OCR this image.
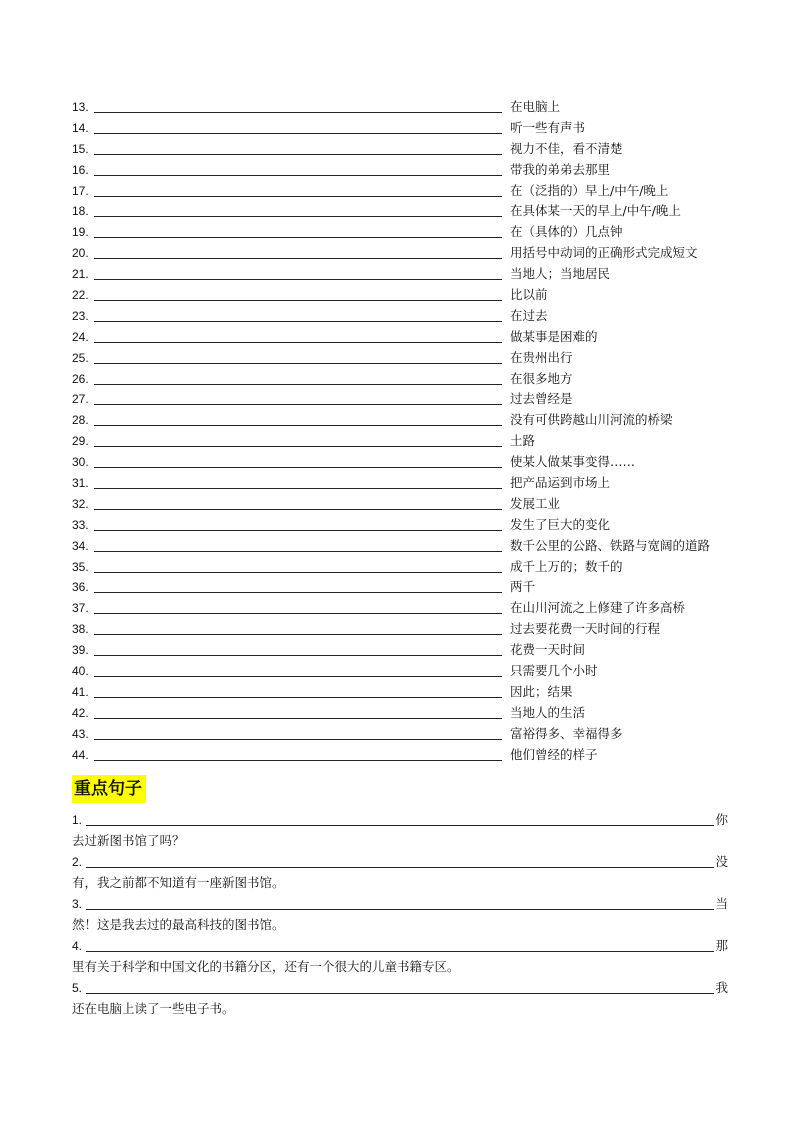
13.	在电脑上
14.	听一些有声书
15.	视力不佳，看不清楚
16.	带我的弟弟去那里
17.	在（泛指的）早上/中午/晚上
18.	在具体某一天的早上/中午/晚上
19.	在（具体的）几点钟
20.	用括号中动词的正确形式完成短文
21.	当地人；当地居民
22.	比以前
23.	在过去
24.	做某事是困难的
25.	在贵州出行
26.	在很多地方
27.	过去曾经是
28.	没有可供跨越山川河流的桥梁
29.	土路
30.	使某人做某事变得……
31.	把产品运到市场上
32.	发展工业
33.	发生了巨大的变化
34.	数千公里的公路、铁路与宽阔的道路
35.	成千上万的；数千的
36.	两千
37.	在山川河流之上修建了许多高桥
38.	过去要花费一天时间的行程
39.	花费一天时间
40.	只需要几个小时
41.	因此；结果
42.	当地人的生活
43.	富裕得多、幸福得多
44.	他们曾经的样子
重点句子
1.	你
去过新图书馆了吗？
2.	没
有，我之前都不知道有一座新图书馆。
3.	当
然！这是我去过的最高科技的图书馆。
4.	那
里有关于科学和中国文化的书籍分区，还有一个很大的儿童书籍专区。
5.	我
还在电脑上读了一些电子书。
